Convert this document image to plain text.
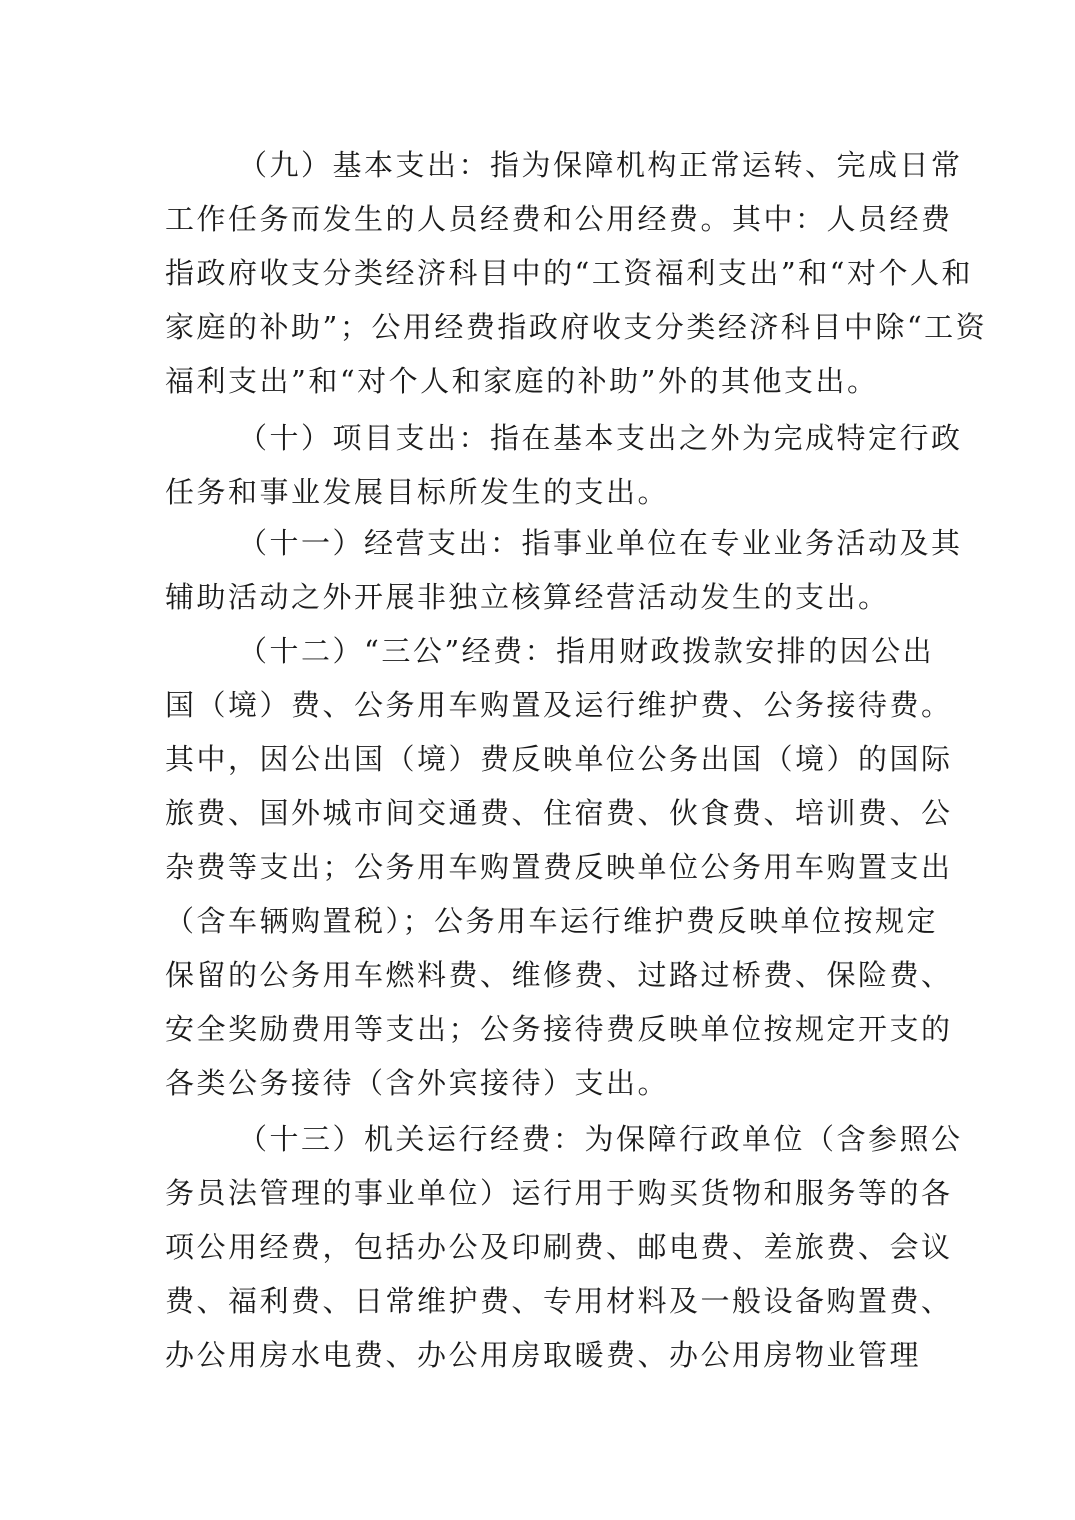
（九）基本支出：指为保障机构正常运转、完成日常
工作任务而发生的人员经费和公用经费。其中：人员经费
指政府收支分类经济科目中的“工资福利支出”和“对个人和
家庭的补助”；公用经费指政府收支分类经济科目中除“工资
福利支出”和“对个人和家庭的补助”外的其他支出。
（十）项目支出：指在基本支出之外为完成特定行政
任务和事业发展目标所发生的支出。
（十一）经营支出：指事业单位在专业业务活动及其
辅助活动之外开展非独立核算经营活动发生的支出。
（十二）“三公”经费：指用财政拨款安排的因公出
国（境）费、公务用车购置及运行维护费、公务接待费。
其中，因公出国（境）费反映单位公务出国（境）的国际
旅费、国外城市间交通费、住宿费、伙食费、培训费、公
杂费等支出；公务用车购置费反映单位公务用车购置支出
（含车辆购置税）；公务用车运行维护费反映单位按规定
保留的公务用车燃料费、维修费、过路过桥费、保险费、
安全奖励费用等支出；公务接待费反映单位按规定开支的
各类公务接待（含外宾接待）支出。
（十三）机关运行经费：为保障行政单位（含参照公
务员法管理的事业单位）运行用于购买货物和服务等的各
项公用经费，包括办公及印刷费、邮电费、差旅费、会议
费、福利费、日常维护费、专用材料及一般设备购置费、
办公用房水电费、办公用房取暖费、办公用房物业管理
